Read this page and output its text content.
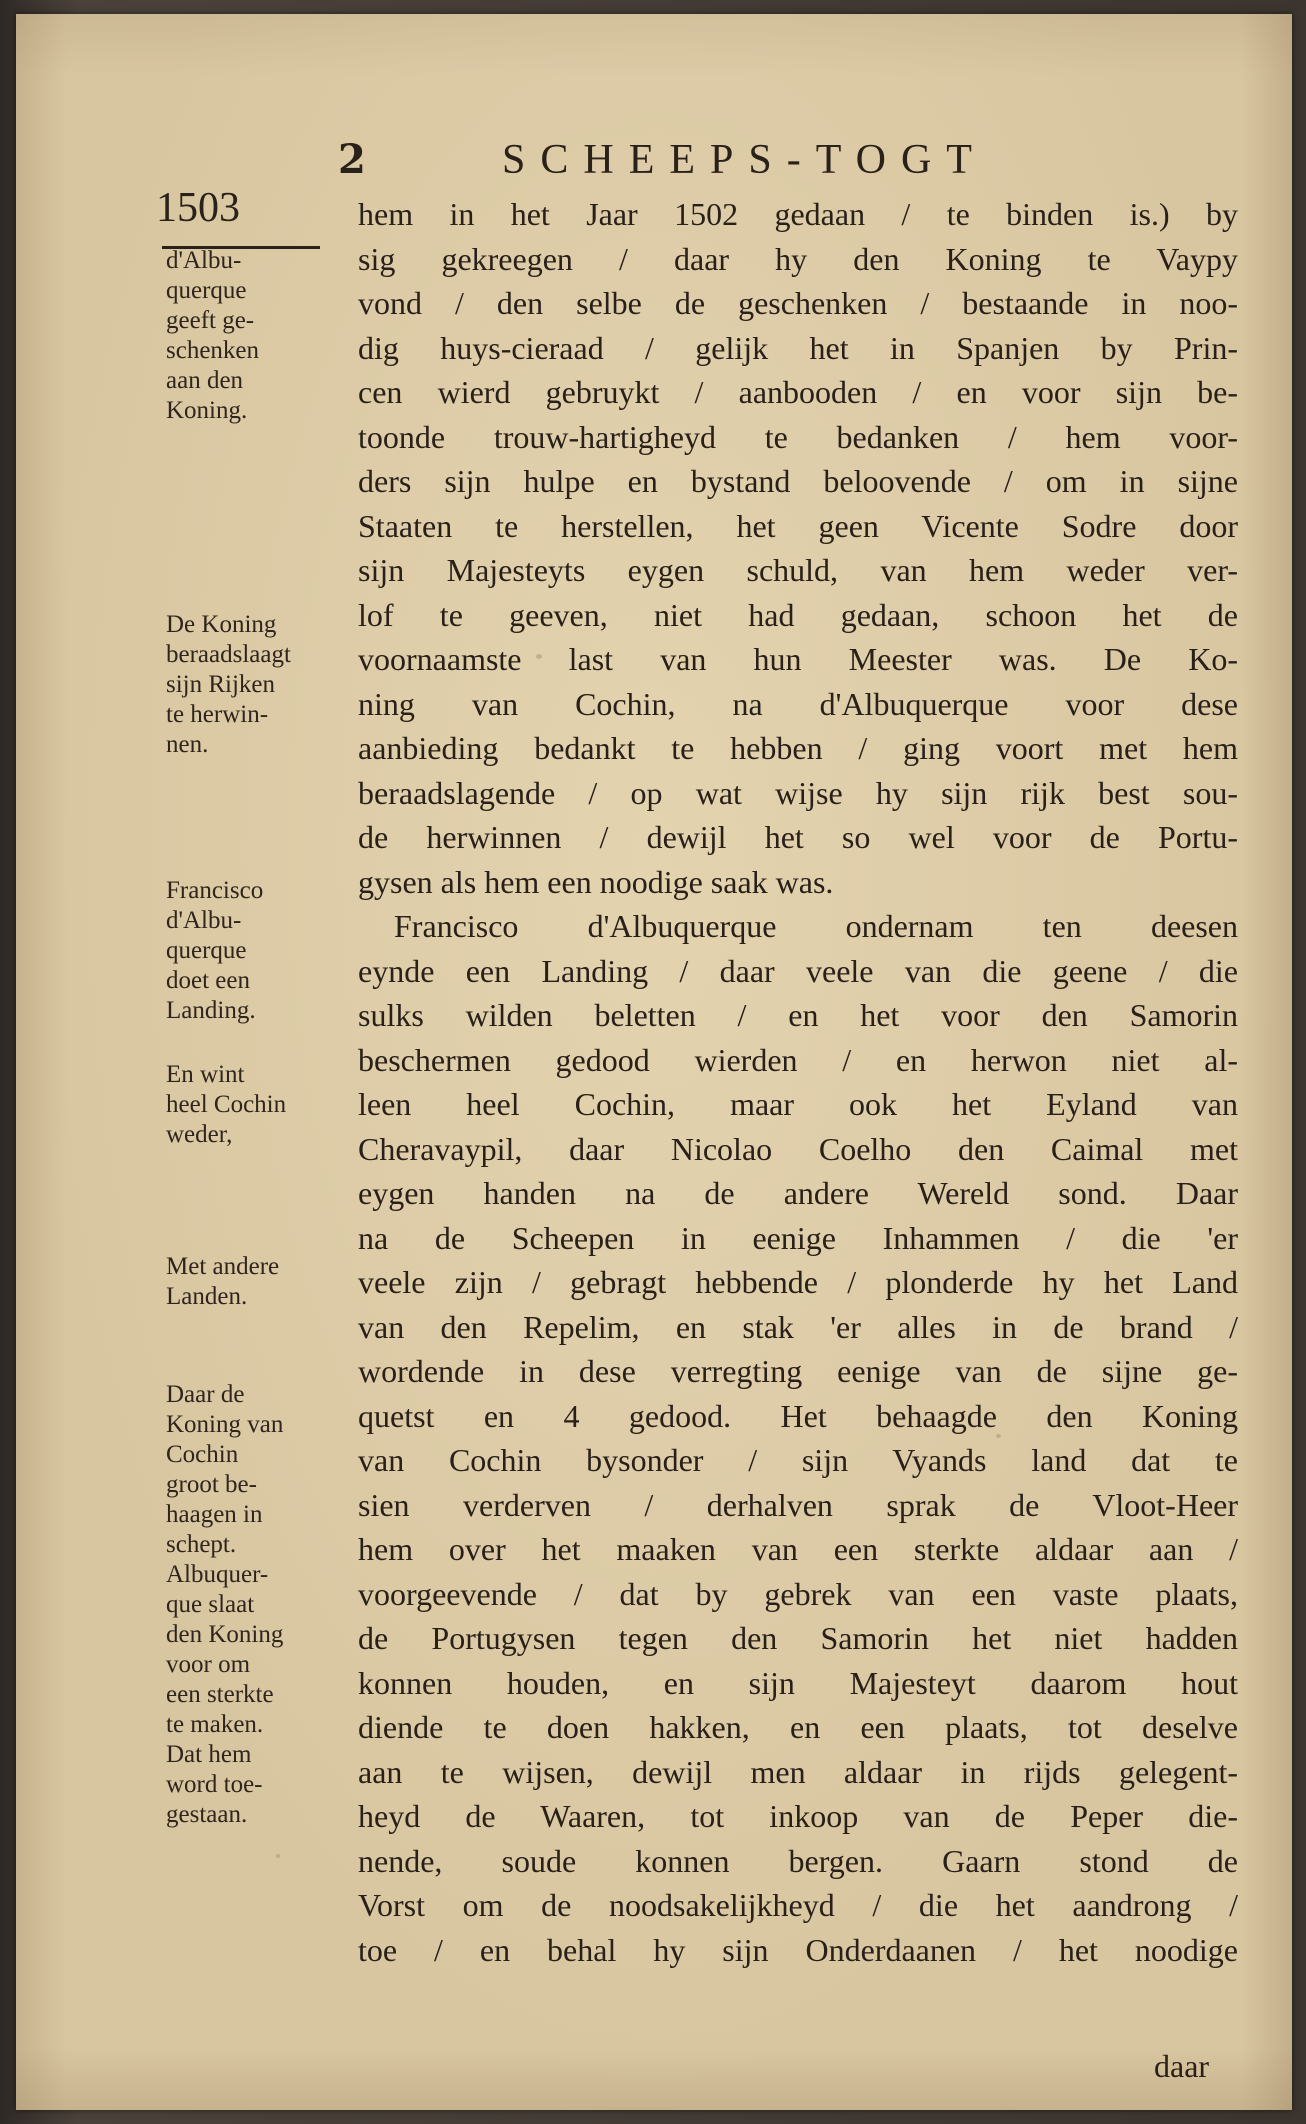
2	SCHEEPS-TOGT

1503

d'Albu-
querque
geeft ge-
schenken
aan den
Koning.
De Koning
beraadslaagt
sijn Rijken
te herwin-
nen.
Francisco
d'Albu-
querque
doet een
Landing.
En wint
heel Cochin
weder,
Met andere
Landen.
Daar de
Koning van
Cochin
groot be-
haagen in
schept.
Albuquer-
que slaat
den Koning
voor om
een sterkte
te maken.
Dat hem
word toe-
gestaan.
hem in het Jaar 1502 gedaan / te binden is.) by
sig gekreegen / daar hy den Koning te Vaypy
vond / den selbe de geschenken / bestaande in noo-
dig huys-cieraad / gelijk het in Spanjen by Prin-
cen wierd gebruykt / aanbooden / en voor sijn be-
toonde trouw-hartigheyd te bedanken / hem voor-
ders sijn hulpe en bystand beloovende / om in sijne
Staaten te herstellen, het geen Vicente Sodre door
sijn Majesteyts eygen schuld, van hem weder ver-
lof te geeven, niet had gedaan, schoon het de
voornaamste last van hun Meester was. De Ko-
ning van Cochin, na d'Albuquerque voor dese
aanbieding bedankt te hebben / ging voort met hem
beraadslagende / op wat wijse hy sijn rijk best sou-
de herwinnen / dewijl het so wel voor de Portu-
gysen als hem een noodige saak was.
Francisco d'Albuquerque ondernam ten deesen
eynde een Landing / daar veele van die geene / die
sulks wilden beletten / en het voor den Samorin
beschermen gedood wierden / en herwon niet al-
leen heel Cochin, maar ook het Eyland van
Cheravaypil, daar Nicolao Coelho den Caimal met
eygen handen na de andere Wereld sond. Daar
na de Scheepen in eenige Inhammen / die 'er
veele zijn / gebragt hebbende / plonderde hy het Land
van den Repelim, en stak 'er alles in de brand /
wordende in dese verregting eenige van de sijne ge-
quetst en 4 gedood. Het behaagde den Koning
van Cochin bysonder / sijn Vyands land dat te
sien verderven / derhalven sprak de Vloot-Heer
hem over het maaken van een sterkte aldaar aan /
voorgeevende / dat by gebrek van een vaste plaats,
de Portugysen tegen den Samorin het niet hadden
konnen houden, en sijn Majesteyt daarom hout
diende te doen hakken, en een plaats, tot deselve
aan te wijsen, dewijl men aldaar in rijds gelegent-
heyd de Waaren, tot inkoop van de Peper die-
nende, soude konnen bergen. Gaarn stond de
Vorst om de noodsakelijkheyd / die het aandrong /
toe / en behal hy sijn Onderdaanen / het noodige

daar
